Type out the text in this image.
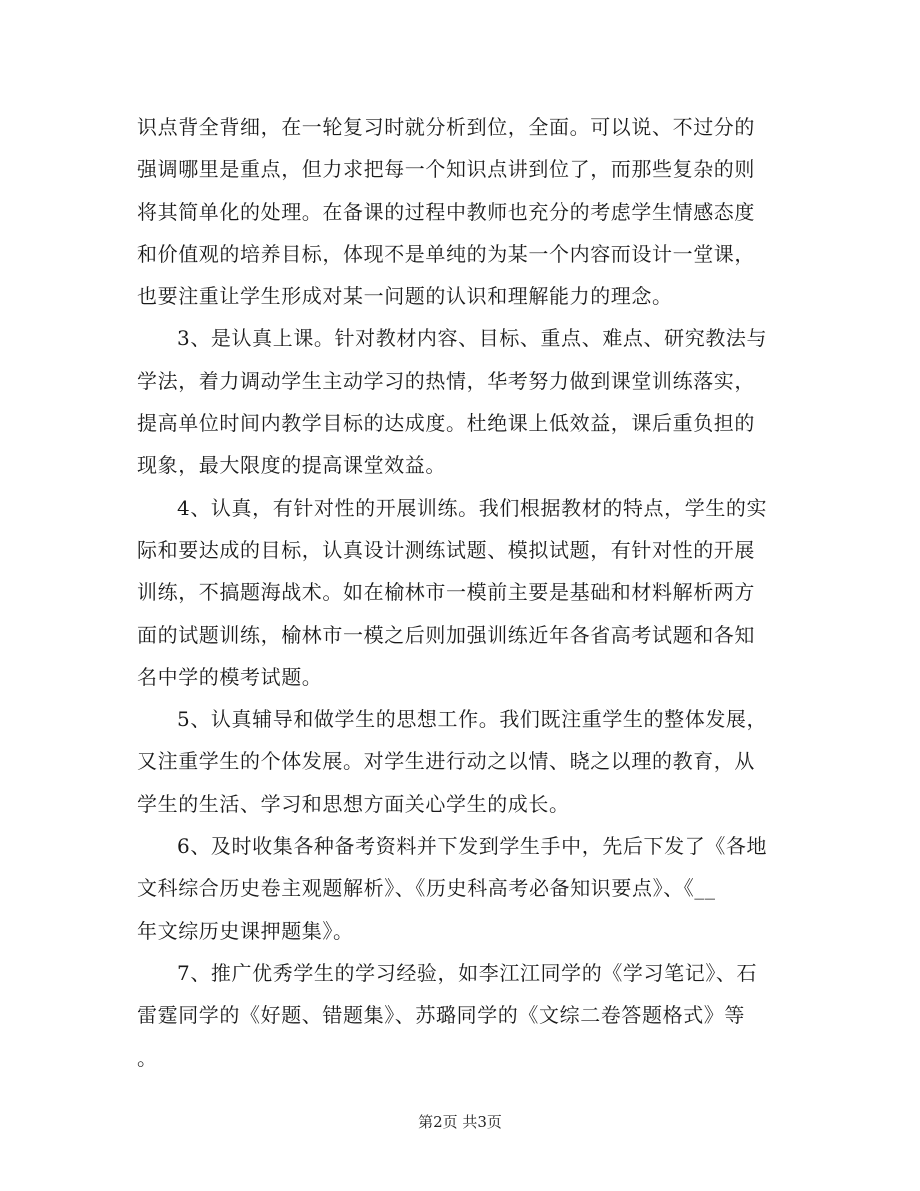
识点背全背细，在一轮复习时就分析到位，全面。可以说、不过分的
强调哪里是重点，但力求把每一个知识点讲到位了，而那些复杂的则
将其简单化的处理。在备课的过程中教师也充分的考虑学生情感态度
和价值观的培养目标，体现不是单纯的为某一个内容而设计一堂课，
也要注重让学生形成对某一问题的认识和理解能力的理念。
3、是认真上课。针对教材内容、目标、重点、难点、研究教法与
学法，着力调动学生主动学习的热情，华考努力做到课堂训练落实，
提高单位时间内教学目标的达成度。杜绝课上低效益，课后重负担的
现象，最大限度的提高课堂效益。
4、认真，有针对性的开展训练。我们根据教材的特点，学生的实
际和要达成的目标，认真设计测练试题、模拟试题，有针对性的开展
训练，不搞题海战术。如在榆林市一模前主要是基础和材料解析两方
面的试题训练，榆林市一模之后则加强训练近年各省高考试题和各知
名中学的模考试题。
5、认真辅导和做学生的思想工作。我们既注重学生的整体发展，
又注重学生的个体发展。对学生进行动之以情、晓之以理的教育，从
学生的生活、学习和思想方面关心学生的成长。
6、及时收集各种备考资料并下发到学生手中，先后下发了《各地
文科综合历史卷主观题解析》、《历史科高考必备知识要点》、《__
年文综历史课押题集》。
7、推广优秀学生的学习经验，如李江江同学的《学习笔记》、石
雷霆同学的《好题、错题集》、苏璐同学的《文综二卷答题格式》等
。
第2页 共3页
